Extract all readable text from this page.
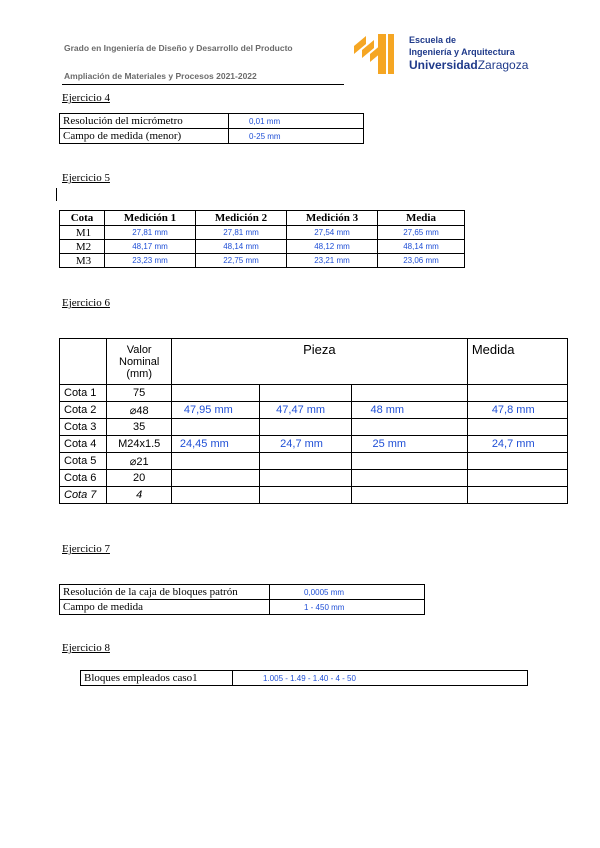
Grado en Ingeniería de Diseño y Desarrollo del Producto
Ampliación de Materiales y Procesos 2021-2022
Escuela de
Ingeniería y Arquitectura
UniversidadZaragoza
Ejercicio 4
Resolución del micrómetro	0,01 mm
Campo de medida (menor)	0-25 mm
Ejercicio 5
Cota	Medición 1	Medición 2	Medición 3	Media
M1	27,81 mm	27,81 mm	27,54 mm	27,65 mm
M2	48,17 mm	48,14 mm	48,12 mm	48,14 mm
M3	23,23 mm	22,75 mm	23,21 mm	23,06 mm
Ejercicio 6
	Valor Nominal (mm)	Pieza			Medida
Cota 1	75				
Cota 2	⌀48	47,95 mm	47,47 mm	48 mm	47,8 mm
Cota 3	35				
Cota 4	M24x1.5	24,45 mm	24,7 mm	25 mm	24,7 mm
Cota 5	⌀21				
Cota 6	20				
Cota 7	4				
Ejercicio 7
Resolución de la caja de bloques patrón	0,0005 mm
Campo de medida	1 - 450 mm
Ejercicio 8
Bloques empleados caso1	1.005 - 1.49 - 1.40 - 4 - 50
